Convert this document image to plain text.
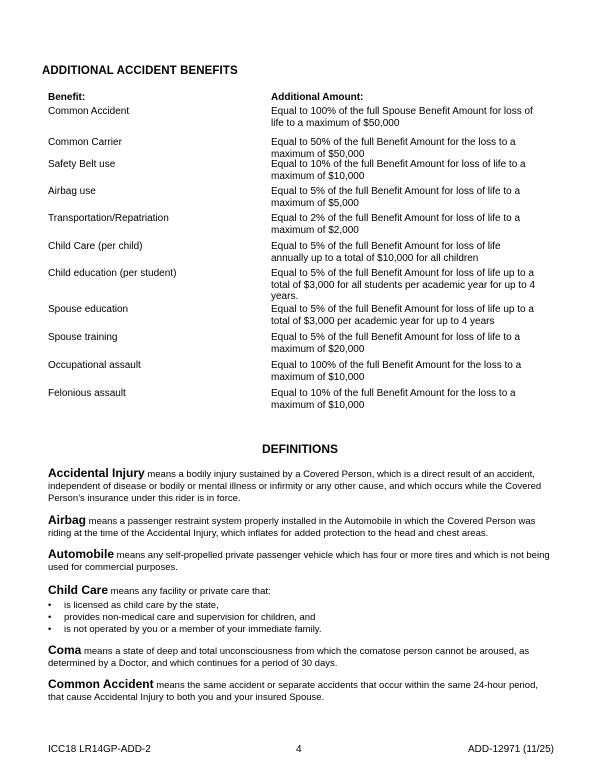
ADDITIONAL ACCIDENT BENEFITS
Benefit:	Additional Amount:
Common Accident	Equal to 100% of the full Spouse Benefit Amount for loss of life to a maximum of $50,000
Common Carrier	Equal to 50% of the full Benefit Amount for the loss to a maximum of $50,000
Safety Belt use	Equal to 10% of the full Benefit Amount for loss of life to a maximum of $10,000
Airbag use	Equal to 5% of the full Benefit Amount for loss of life to a maximum of $5,000
Transportation/Repatriation	Equal to 2% of the full Benefit Amount for loss of life to a maximum of $2,000
Child Care (per child)	Equal to 5% of the full Benefit Amount for loss of life annually up to a total of $10,000 for all children
Child education (per student)	Equal to 5% of the full Benefit Amount for loss of life up to a total of $3,000 for all students per academic year for up to 4 years.
Spouse education	Equal to 5% of the full Benefit Amount for loss of life up to a total of $3,000 per academic year for up to 4 years
Spouse training	Equal to 5% of the full Benefit Amount for loss of life to a maximum of $20,000
Occupational assault	Equal to 100% of the full Benefit Amount for the loss to a maximum of $10,000
Felonious assault	Equal to 10% of the full Benefit Amount for the loss to a maximum of $10,000
DEFINITIONS
Accidental Injury means a bodily injury sustained by a Covered Person, which is a direct result of an accident, independent of disease or bodily or mental illness or infirmity or any other cause, and which occurs while the Covered Person’s insurance under this rider is in force.
Airbag means a passenger restraint system properly installed in the Automobile in which the Covered Person was riding at the time of the Accidental Injury, which inflates for added protection to the head and chest areas.
Automobile means any self-propelled private passenger vehicle which has four or more tires and which is not being used for commercial purposes.
Child Care means any facility or private care that:
• is licensed as child care by the state,
• provides non-medical care and supervision for children, and
• is not operated by you or a member of your immediate family.
Coma means a state of deep and total unconsciousness from which the comatose person cannot be aroused, as determined by a Doctor, and which continues for a period of 30 days.
Common Accident means the same accident or separate accidents that occur within the same 24-hour period, that cause Accidental Injury to both you and your insured Spouse.
ICC18 LR14GP-ADD-2	4	ADD-12971 (11/25)
